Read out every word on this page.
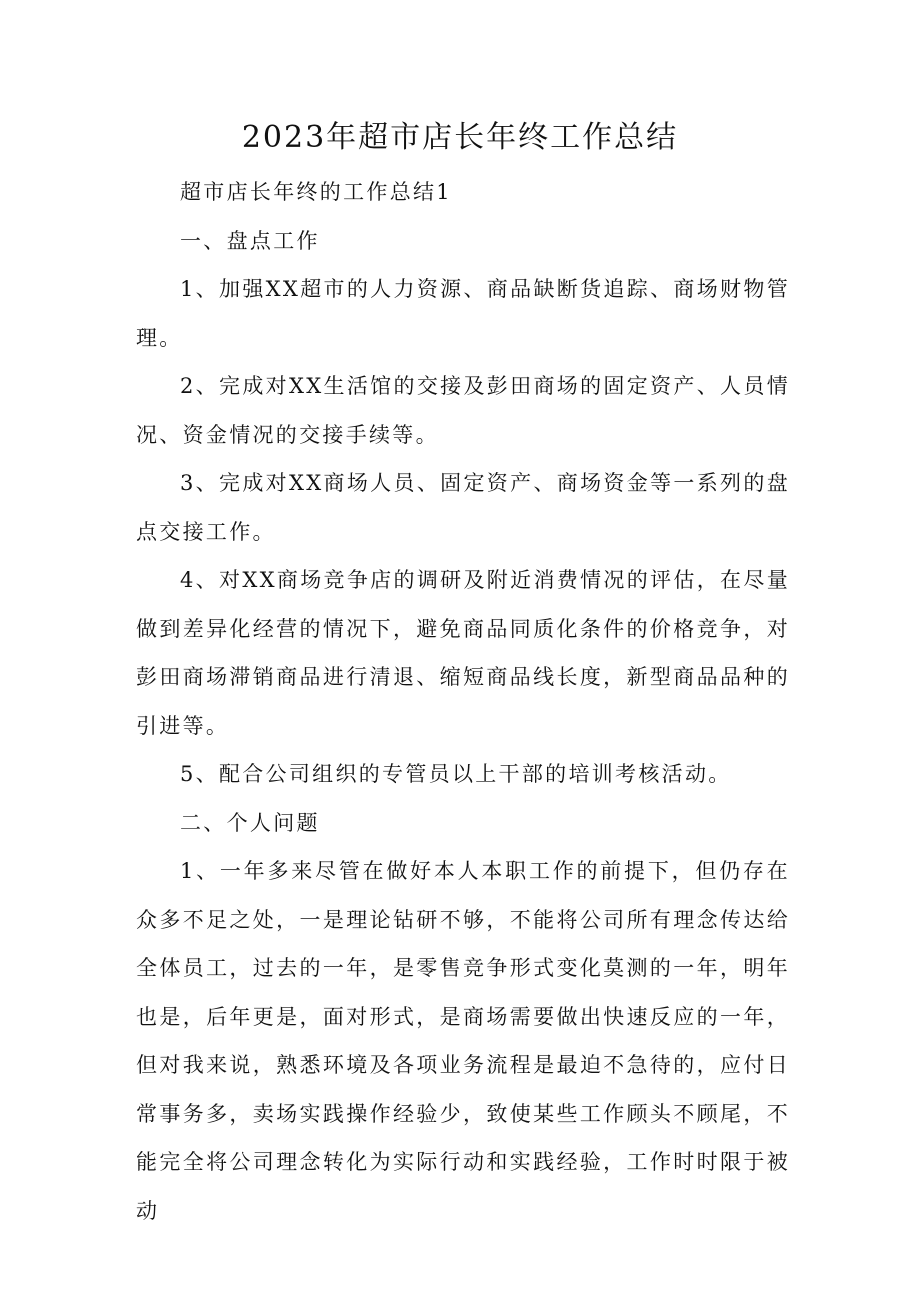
2023年超市店长年终工作总结

超市店长年终的工作总结1

一、盘点工作

1、加强XX超市的人力资源、商品缺断货追踪、商场财物管理。

2、完成对XX生活馆的交接及彭田商场的固定资产、人员情况、资金情况的交接手续等。

3、完成对XX商场人员、固定资产、商场资金等一系列的盘点交接工作。

4、对XX商场竞争店的调研及附近消费情况的评估，在尽量做到差异化经营的情况下，避免商品同质化条件的价格竞争，对彭田商场滞销商品进行清退、缩短商品线长度，新型商品品种的引进等。

5、配合公司组织的专管员以上干部的培训考核活动。

二、个人问题

1、一年多来尽管在做好本人本职工作的前提下，但仍存在众多不足之处，一是理论钻研不够，不能将公司所有理念传达给全体员工，过去的一年，是零售竞争形式变化莫测的一年，明年也是，后年更是，面对形式，是商场需要做出快速反应的一年，但对我来说，熟悉环境及各项业务流程是最迫不急待的，应付日常事务多，卖场实践操作经验少，致使某些工作顾头不顾尾，不能完全将公司理念转化为实际行动和实践经验，工作时时限于被动
